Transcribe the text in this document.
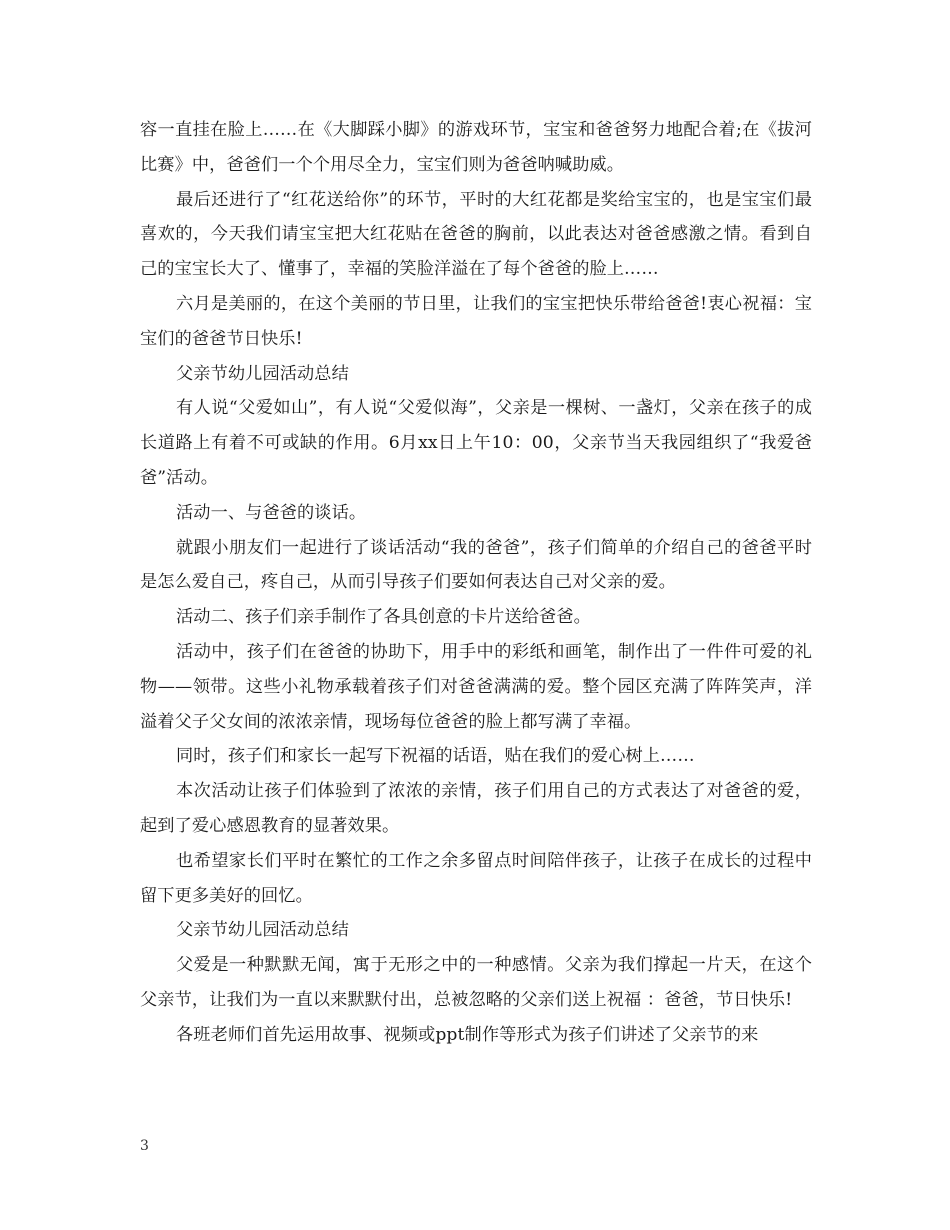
容一直挂在脸上……在《大脚踩小脚》的游戏环节，宝宝和爸爸努力地配合着;在《拔河比赛》中，爸爸们一个个用尽全力，宝宝们则为爸爸呐喊助威。

最后还进行了“红花送给你”的环节，平时的大红花都是奖给宝宝的，也是宝宝们最喜欢的，今天我们请宝宝把大红花贴在爸爸的胸前，以此表达对爸爸感激之情。看到自己的宝宝长大了、懂事了，幸福的笑脸洋溢在了每个爸爸的脸上……

六月是美丽的，在这个美丽的节日里，让我们的宝宝把快乐带给爸爸!衷心祝福：宝宝们的爸爸节日快乐!

父亲节幼儿园活动总结

有人说“父爱如山”，有人说“父爱似海”，父亲是一棵树、一盏灯，父亲在孩子的成长道路上有着不可或缺的作用。6月xx日上午10：00，父亲节当天我园组织了“我爱爸爸”活动。

活动一、与爸爸的谈话。

就跟小朋友们一起进行了谈话活动“我的爸爸”，孩子们简单的介绍自己的爸爸平时是怎么爱自己，疼自己，从而引导孩子们要如何表达自己对父亲的爱。

活动二、孩子们亲手制作了各具创意的卡片送给爸爸。

活动中，孩子们在爸爸的协助下，用手中的彩纸和画笔，制作出了一件件可爱的礼物——领带。这些小礼物承载着孩子们对爸爸满满的爱。整个园区充满了阵阵笑声，洋溢着父子父女间的浓浓亲情，现场每位爸爸的脸上都写满了幸福。

同时，孩子们和家长一起写下祝福的话语，贴在我们的爱心树上……

本次活动让孩子们体验到了浓浓的亲情，孩子们用自己的方式表达了对爸爸的爱，起到了爱心感恩教育的显著效果。

也希望家长们平时在繁忙的工作之余多留点时间陪伴孩子，让孩子在成长的过程中留下更多美好的回忆。

父亲节幼儿园活动总结

父爱是一种默默无闻，寓于无形之中的一种感情。父亲为我们撑起一片天，在这个父亲节，让我们为一直以来默默付出，总被忽略的父亲们送上祝福 ：爸爸，节日快乐!

各班老师们首先运用故事、视频或ppt制作等形式为孩子们讲述了父亲节的来

3
